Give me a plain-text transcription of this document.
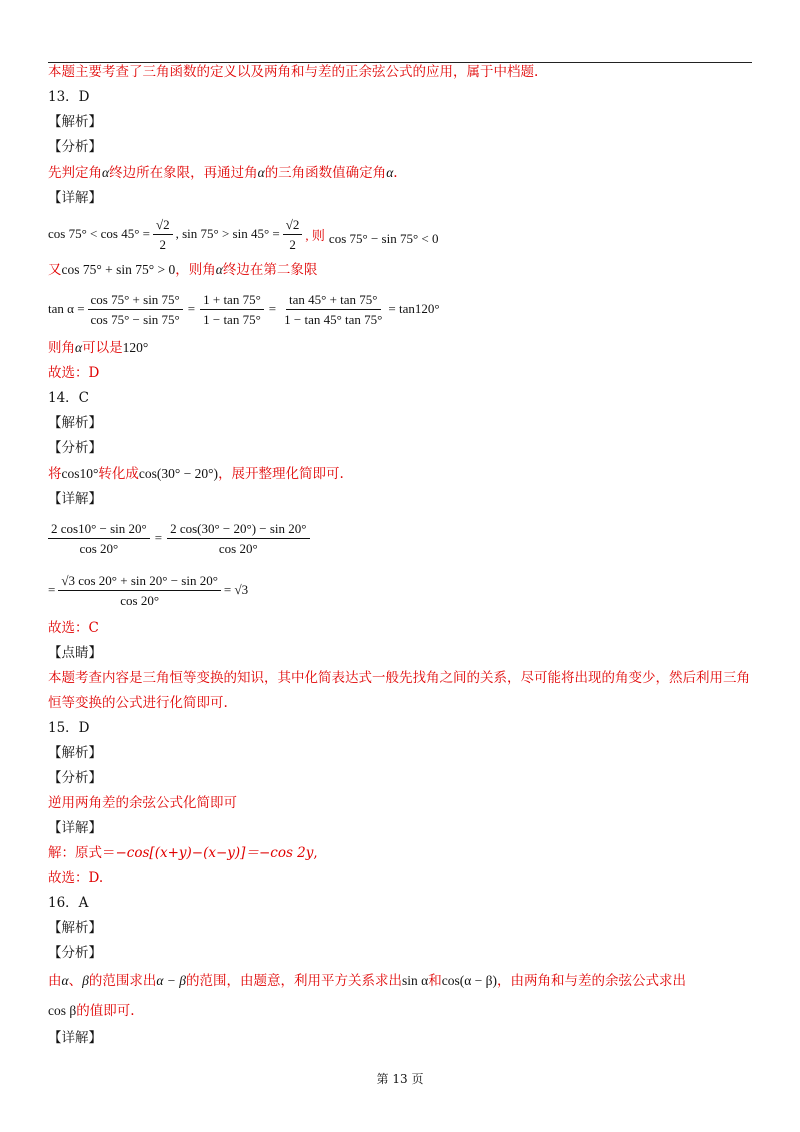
本题主要考查了三角函数的定义以及两角和与差的正余弦公式的应用，属于中档题.
13．D
【解析】
【分析】
先判定角α终边所在象限，再通过角α的三角函数值确定角α.
【详解】
$\cos 75^\circ < \cos 45^\circ = \frac{√2}{2}$ , $\sin 75^\circ > \sin 45^\circ = \frac{√2}{2}$ , 则 cos 75° − sin 75° < 0
又cos 75° + sin 75° > 0，则角α终边在第二象限
$\tan \alpha = \frac{\cos 75^\circ + \sin 75^\circ}{\cos 75^\circ - \sin 75^\circ} = \frac{1 + \tan 75^\circ}{1 - \tan 75^\circ} = \frac{\tan 45^\circ + \tan 75^\circ}{1 - \tan 45^\circ \tan 75^\circ} = \tan 120^\circ$
则角α可以是120°
故选：D
14．C
【解析】
【分析】
将cos10°转化成cos(30° − 20°)，展开整理化简即可.
【详解】
$\frac{2 \cos 10^\circ - \sin 20^\circ}{\cos 20^\circ} = \frac{2 \cos(30^\circ - 20^\circ) - \sin 20^\circ}{\cos 20^\circ}$
= $\frac{√3 \cos 20^\circ + \sin 20^\circ - \sin 20^\circ}{\cos 20^\circ} = √3$
故选：C
【点睛】
本题考查内容是三角恒等变换的知识，其中化简表达式一般先找角之间的关系，尽可能将出现的角变少，然后利用三角恒等变换的公式进行化简即可.
15．D
【解析】
【分析】
逆用两角差的余弦公式化简即可
【详解】
解：原式＝−cos[(x+y)−(x−y)]＝−cos 2y,
故选：D.
16．A
【解析】
【分析】
由α、β的范围求出α − β的范围，由题意，利用平方关系求出sin α和cos(α − β)，由两角和与差的余弦公式求出
cos β的值即可.
【详解】
第 13 页
